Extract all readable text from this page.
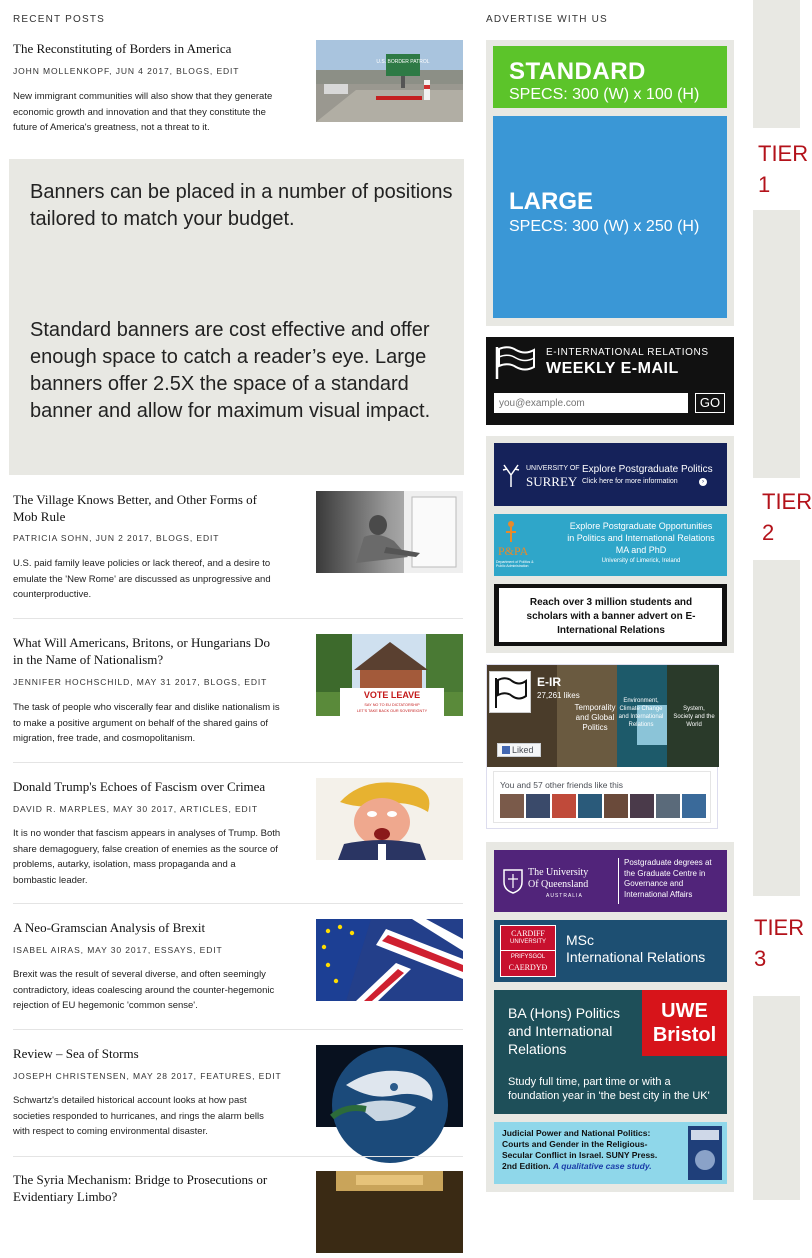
RECENT POSTS
The Reconstituting of Borders in America
JOHN MOLLENKOPF, JUN 4 2017, BLOGS, EDIT
New immigrant communities will also show that they generate economic growth and innovation and that they constitute the future of America's greatness, not a threat to it.
U.S. BORDER PATROL
Banners can be placed in a number of positions tailored to match your budget.
Standard banners are cost effective and offer enough space to catch a reader’s eye. Large banners offer 2.5X the space of a standard banner and allow for maximum visual impact.
The Village Knows Better, and Other Forms of Mob Rule
PATRICIA SOHN, JUN 2 2017, BLOGS, EDIT
U.S. paid family leave policies or lack thereof, and a desire to emulate the 'New Rome' are discussed as unprogressive and counterproductive.
What Will Americans, Britons, or Hungarians Do in the Name of Nationalism?
JENNIFER HOCHSCHILD, MAY 31 2017, BLOGS, EDIT
The task of people who viscerally fear and dislike nationalism is to make a positive argument on behalf of the shared gains of migration, free trade, and cosmopolitanism.
VOTE LEAVE
SAY NO TO EU DICTATORSHIP
LET'S TAKE BACK OUR SOVEREIGNTY
Donald Trump's Echoes of Fascism over Crimea
DAVID R. MARPLES, MAY 30 2017, ARTICLES, EDIT
It is no wonder that fascism appears in analyses of Trump. Both share demagoguery, false creation of enemies as the source of problems, autarky, isolation, mass propaganda and a bombastic leader.
A Neo-Gramscian Analysis of Brexit
ISABEL AIRAS, MAY 30 2017, ESSAYS, EDIT
Brexit was the result of several diverse, and often seemingly contradictory, ideas coalescing around the counter-hegemonic rejection of EU hegemonic 'common sense'.
Review – Sea of Storms
JOSEPH CHRISTENSEN, MAY 28 2017, FEATURES, EDIT
Schwartz's detailed historical account looks at how past societies responded to hurricanes, and rings the alarm bells with respect to coming environmental disaster.
The Syria Mechanism: Bridge to Prosecutions or Evidentiary Limbo?
ADVERTISE WITH US
STANDARD
SPECS: 300 (W) x 100 (H)
LARGE
SPECS: 300 (W) x 250 (H)
E-INTERNATIONAL RELATIONS
WEEKLY E-MAIL
you@example.com
GO
UNIVERSITY OF
SURREY
Explore Postgraduate Politics
Click here for more information	›
P&PA
Department of Politics & Public Administration
Explore Postgraduate Opportunities
in Politics and International Relations
MA and PhD
University of Limerick, Ireland
Reach over 3 million students and scholars with a banner advert on E-International Relations
Temporality and Global Politics
Environment, Climate Change and International Relations
System, Society and the World
E-IR
27,261 likes
Liked
You and 57 other friends like this
The University
Of Queensland
AUSTRALIA
Postgraduate degrees at the Graduate Centre in Governance and International Affairs
CARDIFF
UNIVERSITY
PRIFYSGOL
CAERDYÐ
MSc
International Relations
BA (Hons) Politics
and International
Relations
UWE
Bristol
Study full time, part time or with a
foundation year in 'the best city in the UK'
Judicial Power and National Politics:
Courts and Gender in the Religious-
Secular Conflict in Israel. SUNY Press.
2nd Edition. A qualitative case study.
TIER
1
TIER
2
TIER
3
